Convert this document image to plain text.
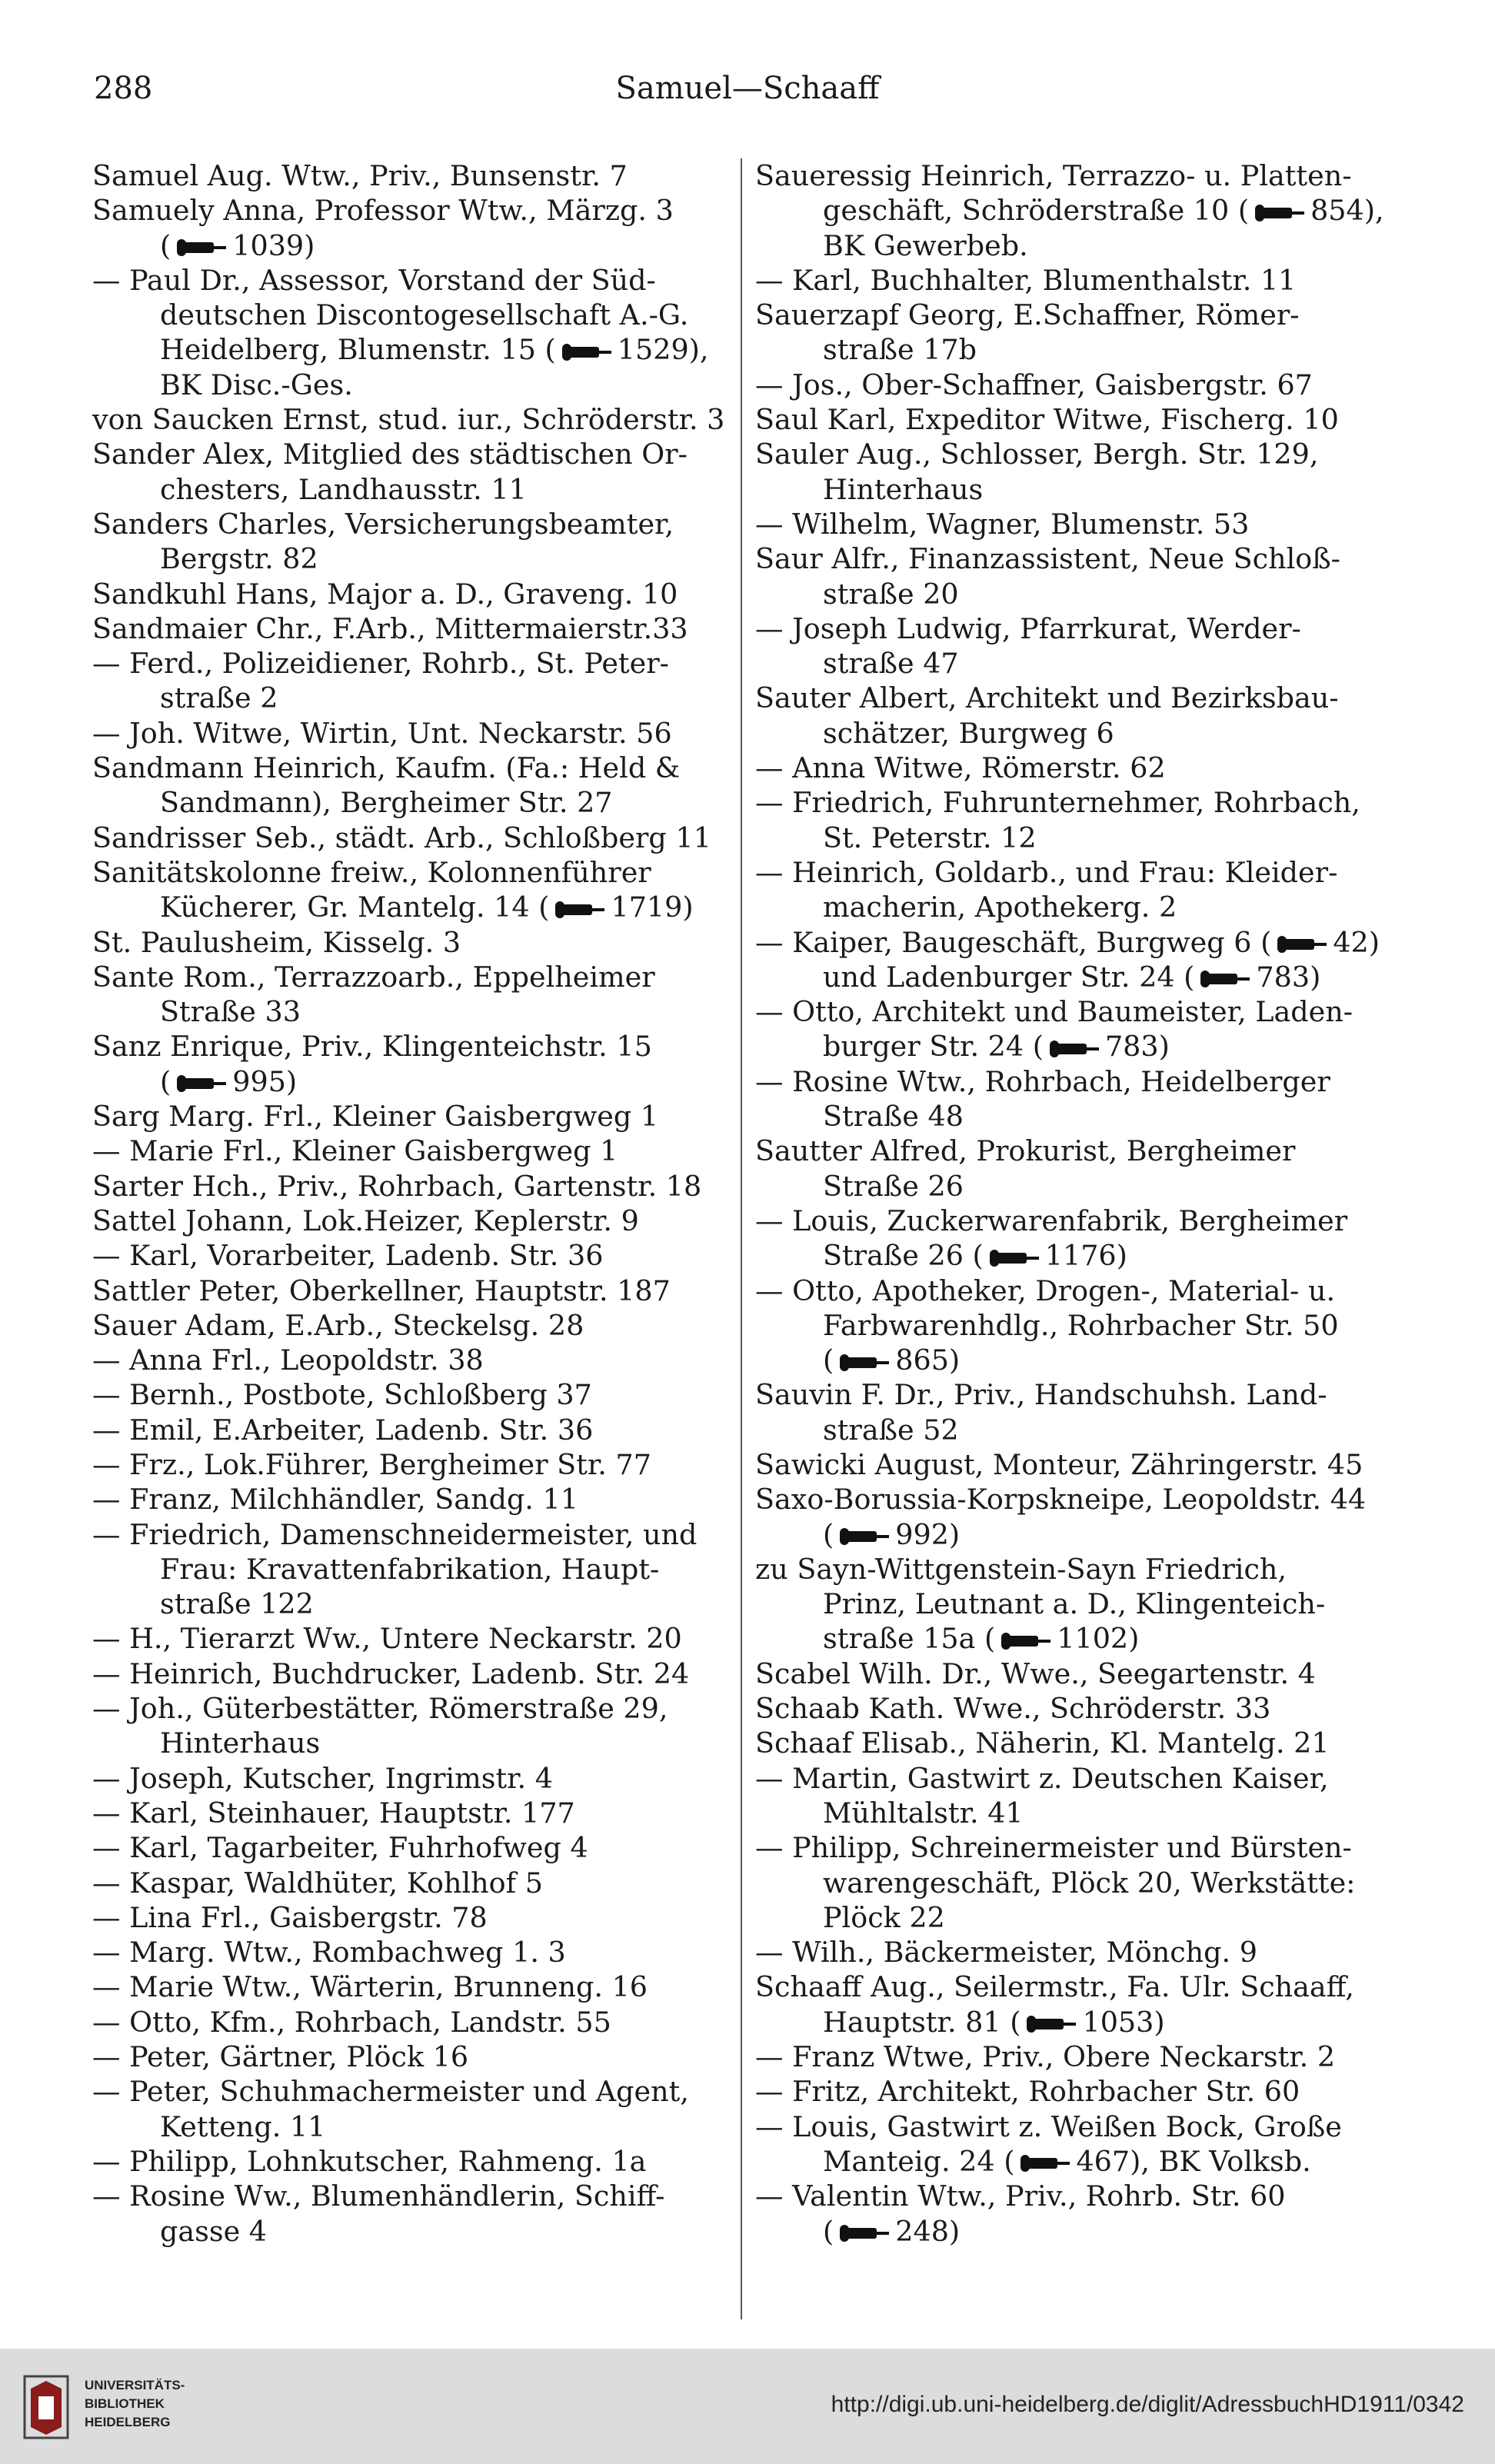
288	Samuel—Schaaff
Samuel Aug. Wtw., Priv., Bunsenstr. 7
Samuely Anna, Professor Wtw., Märzg. 3
( 1039)
— Paul Dr., Assessor, Vorstand der Süd-
deutschen Discontogesellschaft A.-G.
Heidelberg, Blumenstr. 15 ( 1529),
BK Disc.-Ges.
von Saucken Ernst, stud. iur., Schröderstr. 3
Sander Alex, Mitglied des städtischen Or-
chesters, Landhausstr. 11
Sanders Charles, Versicherungsbeamter,
Bergstr. 82
Sandkuhl Hans, Major a. D., Graveng. 10
Sandmaier Chr., F.Arb., Mittermaierstr.33
— Ferd., Polizeidiener, Rohrb., St. Peter-
straße 2
— Joh. Witwe, Wirtin, Unt. Neckarstr. 56
Sandmann Heinrich, Kaufm. (Fa.: Held &
Sandmann), Bergheimer Str. 27
Sandrisser Seb., städt. Arb., Schloßberg 11
Sanitätskolonne freiw., Kolonnenführer
Kücherer, Gr. Mantelg. 14 ( 1719)
St. Paulusheim, Kisselg. 3
Sante Rom., Terrazzoarb., Eppelheimer
Straße 33
Sanz Enrique, Priv., Klingenteichstr. 15
( 995)
Sarg Marg. Frl., Kleiner Gaisbergweg 1
— Marie Frl., Kleiner Gaisbergweg 1
Sarter Hch., Priv., Rohrbach, Gartenstr. 18
Sattel Johann, Lok.Heizer, Keplerstr. 9
— Karl, Vorarbeiter, Ladenb. Str. 36
Sattler Peter, Oberkellner, Hauptstr. 187
Sauer Adam, E.Arb., Steckelsg. 28
— Anna Frl., Leopoldstr. 38
— Bernh., Postbote, Schloßberg 37
— Emil, E.Arbeiter, Ladenb. Str. 36
— Frz., Lok.Führer, Bergheimer Str. 77
— Franz, Milchhändler, Sandg. 11
— Friedrich, Damenschneidermeister, und
Frau: Kravattenfabrikation, Haupt-
straße 122
— H., Tierarzt Ww., Untere Neckarstr. 20
— Heinrich, Buchdrucker, Ladenb. Str. 24
— Joh., Güterbestätter, Römerstraße 29,
Hinterhaus
— Joseph, Kutscher, Ingrimstr. 4
— Karl, Steinhauer, Hauptstr. 177
— Karl, Tagarbeiter, Fuhrhofweg 4
— Kaspar, Waldhüter, Kohlhof 5
— Lina Frl., Gaisbergstr. 78
— Marg. Wtw., Rombachweg 1. 3
— Marie Wtw., Wärterin, Brunneng. 16
— Otto, Kfm., Rohrbach, Landstr. 55
— Peter, Gärtner, Plöck 16
— Peter, Schuhmachermeister und Agent,
Ketteng. 11
— Philipp, Lohnkutscher, Rahmeng. 1a
— Rosine Ww., Blumenhändlerin, Schiff-
gasse 4
Saueressig Heinrich, Terrazzo- u. Platten-
geschäft, Schröderstraße 10 ( 854),
BK Gewerbeb.
— Karl, Buchhalter, Blumenthalstr. 11
Sauerzapf Georg, E.Schaffner, Römer-
straße 17b
— Jos., Ober-Schaffner, Gaisbergstr. 67
Saul Karl, Expeditor Witwe, Fischerg. 10
Sauler Aug., Schlosser, Bergh. Str. 129,
Hinterhaus
— Wilhelm, Wagner, Blumenstr. 53
Saur Alfr., Finanzassistent, Neue Schloß-
straße 20
— Joseph Ludwig, Pfarrkurat, Werder-
straße 47
Sauter Albert, Architekt und Bezirksbau-
schätzer, Burgweg 6
— Anna Witwe, Römerstr. 62
— Friedrich, Fuhrunternehmer, Rohrbach,
St. Peterstr. 12
— Heinrich, Goldarb., und Frau: Kleider-
macherin, Apothekerg. 2
— Kaiper, Baugeschäft, Burgweg 6 ( 42)
und Ladenburger Str. 24 ( 783)
— Otto, Architekt und Baumeister, Laden-
burger Str. 24 ( 783)
— Rosine Wtw., Rohrbach, Heidelberger
Straße 48
Sautter Alfred, Prokurist, Bergheimer
Straße 26
— Louis, Zuckerwarenfabrik, Bergheimer
Straße 26 ( 1176)
— Otto, Apotheker, Drogen-, Material- u.
Farbwarenhdlg., Rohrbacher Str. 50
( 865)
Sauvin F. Dr., Priv., Handschuhsh. Land-
straße 52
Sawicki August, Monteur, Zähringerstr. 45
Saxo-Borussia-Korpskneipe, Leopoldstr. 44
( 992)
zu Sayn-Wittgenstein-Sayn Friedrich,
Prinz, Leutnant a. D., Klingenteich-
straße 15a ( 1102)
Scabel Wilh. Dr., Wwe., Seegartenstr. 4
Schaab Kath. Wwe., Schröderstr. 33
Schaaf Elisab., Näherin, Kl. Mantelg. 21
— Martin, Gastwirt z. Deutschen Kaiser,
Mühltalstr. 41
— Philipp, Schreinermeister und Bürsten-
warengeschäft, Plöck 20, Werkstätte:
Plöck 22
— Wilh., Bäckermeister, Mönchg. 9
Schaaff Aug., Seilermstr., Fa. Ulr. Schaaff,
Hauptstr. 81 ( 1053)
— Franz Wtwe, Priv., Obere Neckarstr. 2
— Fritz, Architekt, Rohrbacher Str. 60
— Louis, Gastwirt z. Weißen Bock, Große
Manteig. 24 ( 467), BK Volksb.
— Valentin Wtw., Priv., Rohrb. Str. 60
( 248)
UNIVERSITÄTS-
BIBLIOTHEK
HEIDELBERG
http://digi.ub.uni-heidelberg.de/diglit/AdressbuchHD1911/0342
